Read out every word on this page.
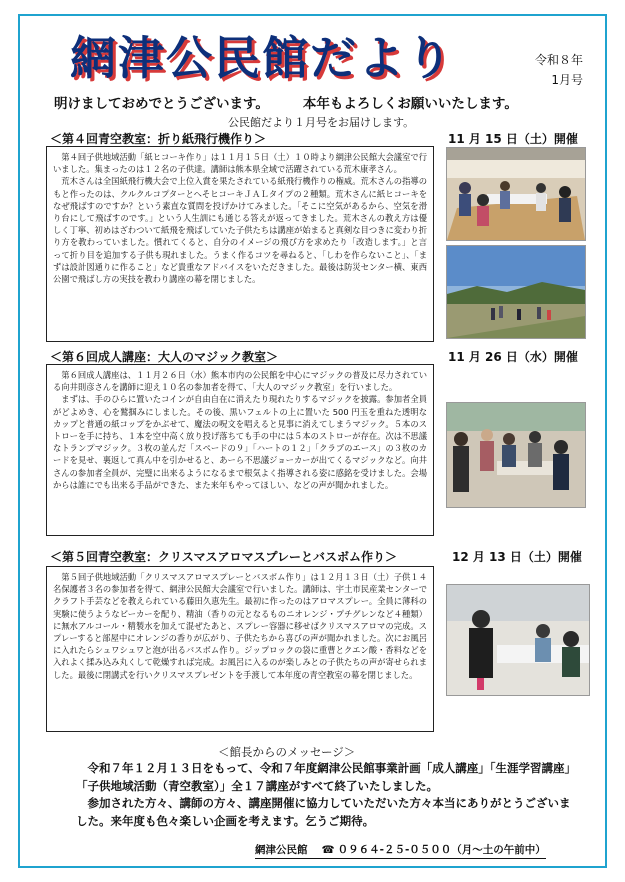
網津公民館だより	令和８年
1月号
明けましておめでとうございます。	本年もよろしくお願いいたします。
公民館だより１月号をお届けします。
＜第４回青空教室：折り紙飛行機作り＞	11 月 15 日（土）開催

第４回子供地域活動「紙ヒコーキ作り」は１１月１５日（土）１０時より網津公民館大会議室で行いました。集まったのは１２名の子供達。講師は熊本県全域で活躍されている荒木康孝さん。

荒木さんは全国紙飛行機大会で上位入賞を果たされている紙飛行機作りの権威。荒木さんの指導のもと作ったのは、クルクルコプターとへそヒコーキＪＡＬタイプの２種類。荒木さんに紙ヒコーキをなぜ飛ばすのですか？という素直な質問を投げかけてみました。「そこに空気があるから、空気を滑り台にして飛ばすのです。」という人生訓にも通じる答えが返ってきました。荒木さんの教え方は優しく丁寧、初めはざわついて紙飛を飛ばしていた子供たちは講座が始まると真剣な目つきに変わり折り方を教わっていました。慣れてくると、自分のイメージの飛び方を求めたり「改造します。」と言って折り目を追加する子供も現れました。うまく作るコツを尋ねると、「しわを作らないこと」、「まずは設計図通りに作ること」など貴重なアドバイスをいただきました。最後は防災センター横、東西公園で飛ばし方の実技を教わり講座の幕を閉じました。

＜第６回成人講座：大人のマジック教室＞	11 月 26 日（水）開催

第６回成人講座は、１１月２６日（水）熊本市内の公民館を中心にマジックの普及に尽力されている向井則彦さんを講師に迎え１０名の参加者を得て、「大人のマジック教室」を行いました。

まずは、手のひらに置いたコインが自由自在に消えたり現れたりするマジックを披露。参加者全員がどよめき、心を鷲掴みにしました。その後、黒いフェルトの上に置いた 500 円玉を重ねた透明なカップと普通の紙コップをかぶせて、魔法の呪文を唱えると見事に消えてしまうマジック。５本のストローを手に持ち、１本を空中高く放り投げ落ちても手の中には５本のストローが存在。次は不思議なトランプマジック。３枚の並んだ「スペードの９」「ハートの１２」「クラブのエース」の３枚のカードを見せ、裏返して真ん中を引かせると、あーら不思議ジョーカーが出てくるマジックなど。向井さんの参加者全員が、完璧に出来るようになるまで根気よく指導される姿に感銘を受けました。会場からは誰にでも出来る手品ができた、また来年もやってほしい、などの声が聞かれました。

＜第５回青空教室：クリスマスアロマスプレーとバスボム作り＞	12 月 13 日（土）開催

第５回子供地域活動「クリスマスアロマスプレーとバスボム作り」は１２月１３日（土）子供１４名保護者３名の参加者を得て、網津公民館大会議室で行いました。講師は、宇土市民産業センターでクラフト手芸などを教えられている藤田久恵先生。最初に作ったのはアロマスプレー。全員に薄科の実験に使うようなビーカーを配り、精油（香りの元となるものニオレンジ・プチグレンなど４種類）に無水アルコール・精製水を加えて混ぜたあと、スプレー容器に移せばクリスマスアロマの完成。スプレーすると部屋中にオレンジの香りが広がり、子供たちから喜びの声が聞かれました。次にお風呂に入れたらシュワシュワと泡が出るバスボム作り。ジップロックの袋に重曹とクエン酸・香料などを入れよく揉み込み丸くして乾燥すれば完成。お風呂に入るのが楽しみとの子供たちの声が寄せられました。最後に閉講式を行いクリスマスプレゼントを手渡して本年度の青空教室の幕を閉じました。

＜館長からのメッセージ＞

令和７年１２月１３日をもって、令和７年度網津公民館事業計画「成人講座」「生涯学習講座」「子供地域活動（青空教室）」全１７講座がすべて終了いたしました。

参加された方々、講師の方々、講座開催に協力していただいた方々本当にありがとうございました。来年度も色々楽しい企画を考えます。乞うご期待。

網津公民館 ☎ ０９６４-２５-０５００（月～土の午前中）
